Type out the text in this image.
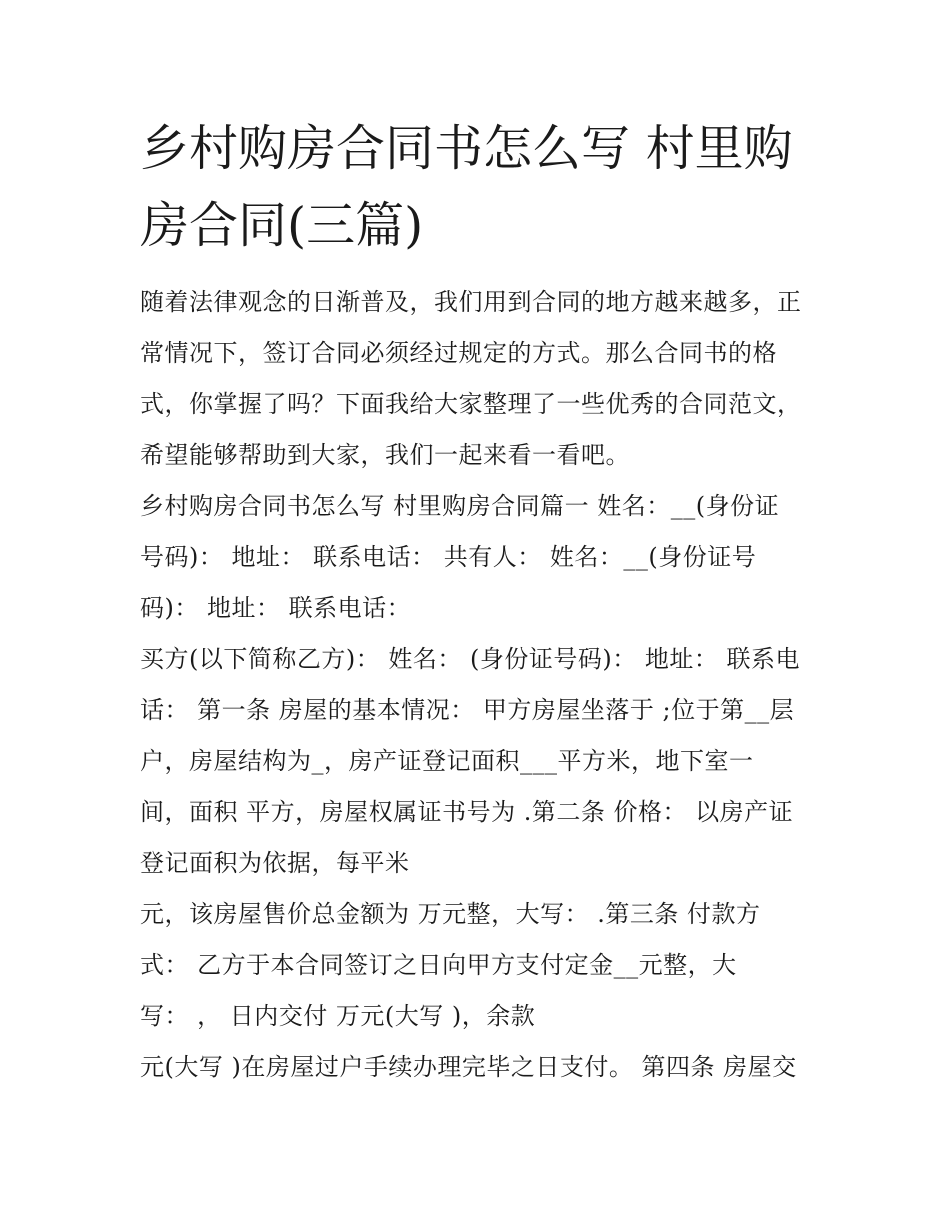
乡村购房合同书怎么写 村里购
房合同(三篇)

随着法律观念的日渐普及，我们用到合同的地方越来越多，正
常情况下，签订合同必须经过规定的方式。那么合同书的格
式，你掌握了吗？下面我给大家整理了一些优秀的合同范文，
希望能够帮助到大家，我们一起来看一看吧。

乡村购房合同书怎么写 村里购房合同篇一 姓名：__(身份证
号码)： 地址： 联系电话： 共有人： 姓名：__(身份证号
码)： 地址： 联系电话：

买方(以下简称乙方)： 姓名： (身份证号码)： 地址： 联系电
话： 第一条 房屋的基本情况： 甲方房屋坐落于 ;位于第__层
户，房屋结构为_，房产证登记面积___平方米，地下室一
间，面积 平方，房屋权属证书号为 .第二条 价格： 以房产证
登记面积为依据，每平米

元，该房屋售价总金额为 万元整，大写： .第三条 付款方
式： 乙方于本合同签订之日向甲方支付定金__元整，大
写： ， 日内交付 万元(大写 )，余款

元(大写 )在房屋过户手续办理完毕之日支付。 第四条 房屋交
